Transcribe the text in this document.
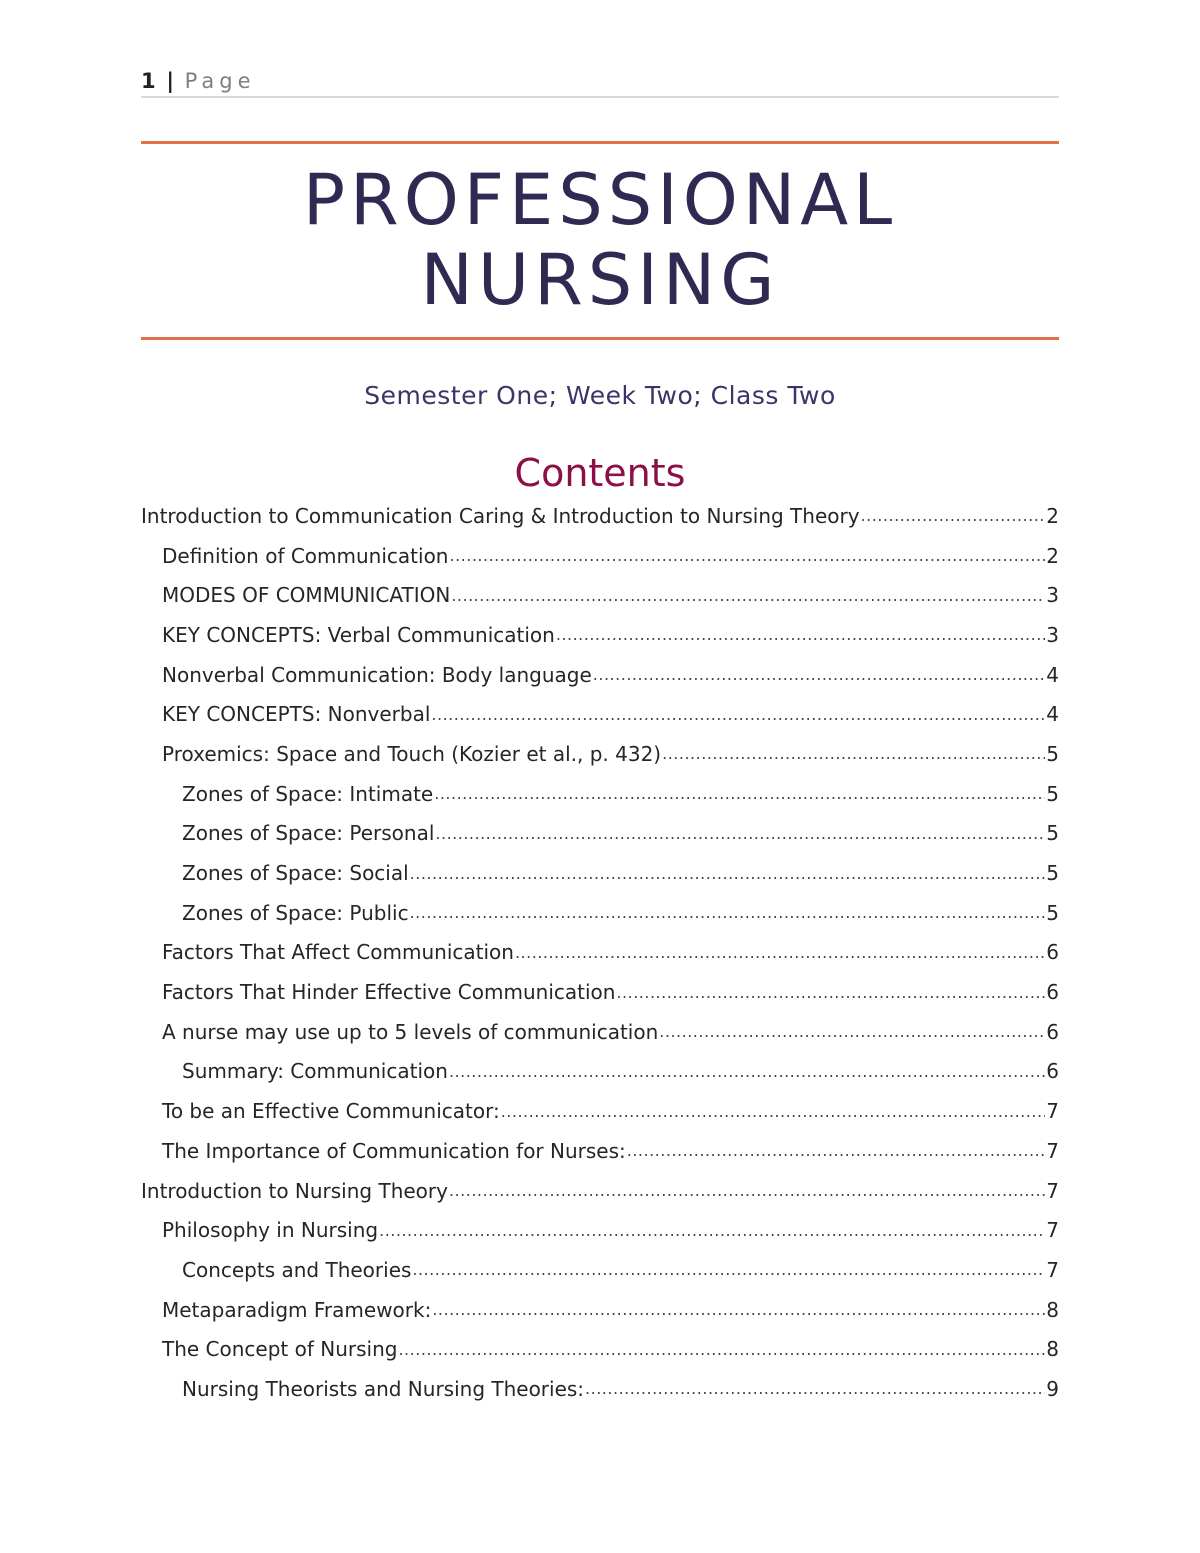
1 | Page
PROFESSIONAL
NURSING
Semester One; Week Two; Class Two
Contents
Introduction to Communication Caring & Introduction to Nursing Theory .....	2
Definition of Communication .....	2
MODES OF COMMUNICATION .....	3
KEY CONCEPTS: Verbal Communication .....	3
Nonverbal Communication: Body language .....	4
KEY CONCEPTS: Nonverbal .....	4
Proxemics: Space and Touch (Kozier et al., p. 432) .....	5
Zones of Space: Intimate .....	5
Zones of Space: Personal .....	5
Zones of Space: Social .....	5
Zones of Space: Public .....	5
Factors That Affect Communication .....	6
Factors That Hinder Effective Communication .....	6
A nurse may use up to 5 levels of communication .....	6
Summary: Communication .....	6
To be an Effective Communicator: .....	7
The Importance of Communication for Nurses: .....	7
Introduction to Nursing Theory .....	7
Philosophy in Nursing .....	7
Concepts and Theories .....	7
Metaparadigm Framework: .....	8
The Concept of Nursing .....	8
Nursing Theorists and Nursing Theories: .....	9
